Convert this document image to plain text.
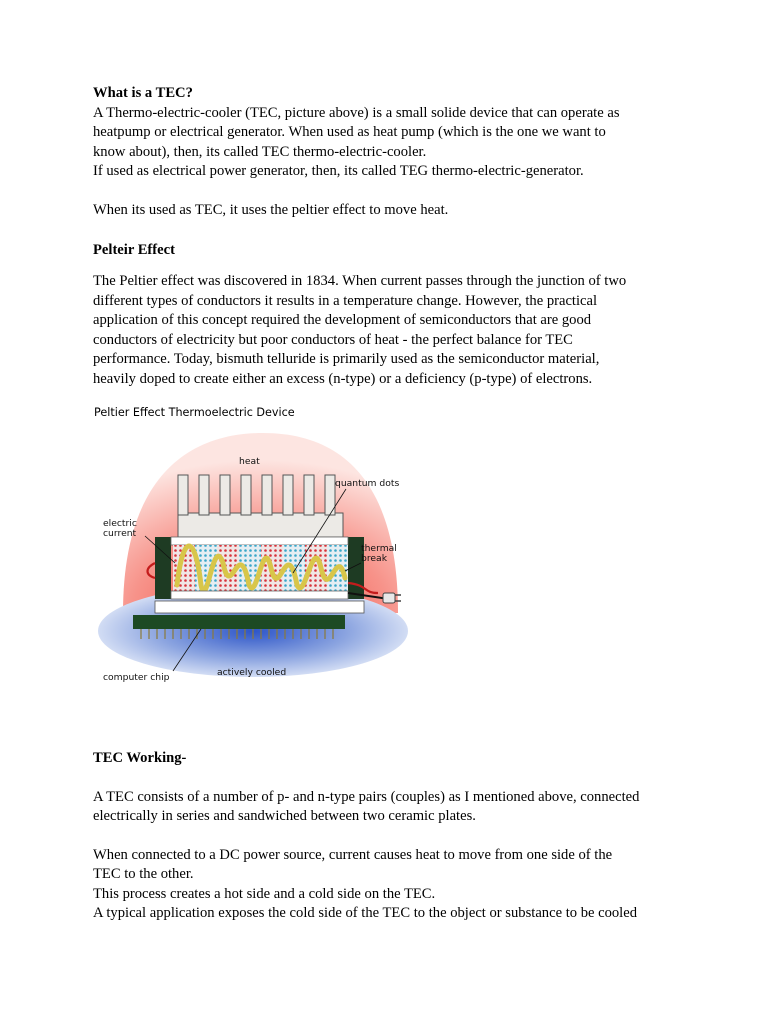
What is a TEC?

A Thermo-electric-cooler (TEC, picture above) is a small solide device that can operate as

heatpump or electrical generator. When used as heat pump (which is the one we want to

know about), then, its called TEC thermo-electric-cooler.

If used as electrical power generator, then, its called TEG thermo-electric-generator.

When its used as TEC, it uses the peltier effect to move heat.

Pelteir Effect

The Peltier effect was discovered in 1834. When current passes through the junction of two

different types of conductors it results in a temperature change. However, the practical

application of this concept required the development of semiconductors that are good

conductors of electricity but poor conductors of heat - the perfect balance for TEC

performance. Today, bismuth telluride is primarily used as the semiconductor material,

heavily doped to create either an excess (n-type) or a deficiency (p-type) of electrons.

Peltier Effect Thermoelectric Device
heat
quantum dots
electric
current
thermal
break
computer chip	actively cooled

TEC Working-

A TEC consists of a number of p- and n-type pairs (couples) as I mentioned above, connected

electrically in series and sandwiched between two ceramic plates.

When connected to a DC power source, current causes heat to move from one side of the

TEC to the other.

This process creates a hot side and a cold side on the TEC.

A typical application exposes the cold side of the TEC to the object or substance to be cooled
